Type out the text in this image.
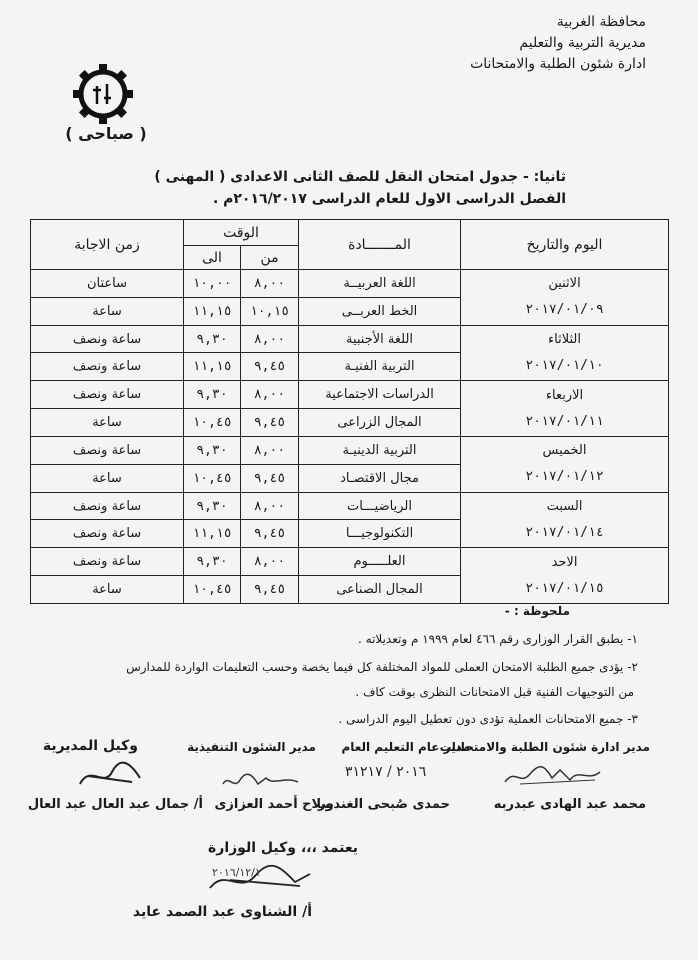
محافظة الغربية
مديرية التربية والتعليم
ادارة شئون الطلبة والامتحانات
( صباحى )
ثانيا: - جدول امتحان النقل للصف الثانى الاعدادى ( المهنى )
الفصل الدراسى الاول للعام الدراسى ٢٠١٦/٢٠١٧م .
اليوم والتاريخ	المـــــــادة	الوقت		زمن الاجابة
		من	الى	

الاثنين
٢٠١٧/٠١/٠٩	اللغة العربيــة	٨,٠٠	١٠,٠٠	ساعتان
	الخط العربــى	١٠,١٥	١١,١٥	ساعة

الثلاثاء
٢٠١٧/٠١/١٠	اللغة الأجنبية	٨,٠٠	٩,٣٠	ساعة ونصف
	التربية الفنيـة	٩,٤٥	١١,١٥	ساعة ونصف

الاربعاء
٢٠١٧/٠١/١١	الدراسات الاجتماعية	٨,٠٠	٩,٣٠	ساعة ونصف
	المجال الزراعى	٩,٤٥	١٠,٤٥	ساعة

الخميس
٢٠١٧/٠١/١٢	التربية الدينيـة	٨,٠٠	٩,٣٠	ساعة ونصف
	مجال الاقتصـاد	٩,٤٥	١٠,٤٥	ساعة

السبت
٢٠١٧/٠١/١٤	الرياضيـــات	٨,٠٠	٩,٣٠	ساعة ونصف
	التكنولوجيـــا	٩,٤٥	١١,١٥	ساعة ونصف

الاحد
٢٠١٧/٠١/١٥	العلـــــوم	٨,٠٠	٩,٣٠	ساعة ونصف
	المجال الصناعى	٩,٤٥	١٠,٤٥	ساعة
ملحوظة : -
١- يطبق القرار الوزارى رقم ٤٦٦ لعام ١٩٩٩ م وتعديلاته .
٢- يؤدى جميع الطلبة الامتحان العملى للمواد المختلفة كل فيما يخصة وحسب التعليمات الواردة للمدارس
من التوجيهات الفنية قبل الامتحانات النظرى بوقت كاف .
٣- جميع الامتحانات العملية تؤدى دون تعطيل اليوم الدراسى .
مدير ادارة شئون الطلبة والامتحانات
مدير عام التعليم العام
مدير الشئون التنفيذية
وكيل المديرية
٢٠١٦ / ٣١٢١٧
محمد عبد الهادى عبدربه
حمدى صُبحى الغندور
صلاح أحمد العزازى
أ/ جمال عبد العال عبد العال
يعتمد ،،، وكيل الوزارة
٢٠١٦/١٢/١
أ/ الشناوى عبد الصمد عايد
